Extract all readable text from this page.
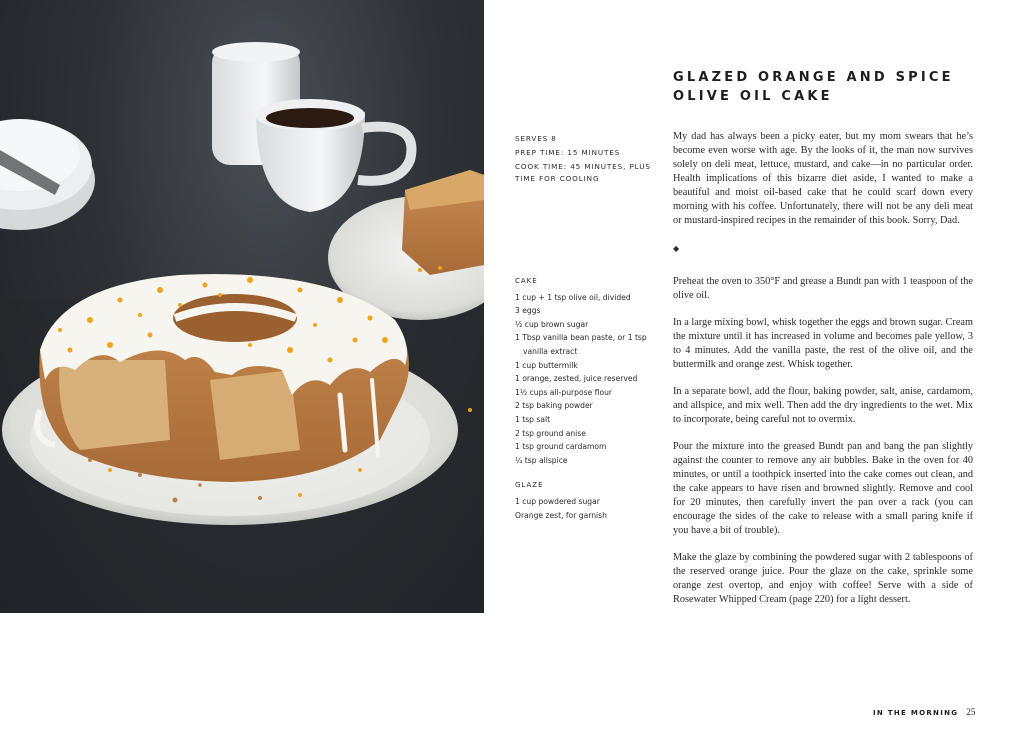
GLAZED ORANGE AND SPICE
OLIVE OIL CAKE
SERVES 8
PREP TIME: 15 MINUTES
COOK TIME: 45 MINUTES, PLUS TIME FOR COOLING
CAKE
1 cup + 1 tsp olive oil, divided
3 eggs
½ cup brown sugar
1 Tbsp vanilla bean paste, or 1 tsp vanilla extract
1 cup buttermilk
1 orange, zested, juice reserved
1½ cups all-purpose flour
2 tsp baking powder
1 tsp salt
2 tsp ground anise
1 tsp ground cardamom
¼ tsp allspice
GLAZE
1 cup powdered sugar
Orange zest, for garnish

My dad has always been a picky eater, but my mom swears that he’s become even worse with age. By the looks of it, the man now survives solely on deli meat, lettuce, mustard, and cake—in no particular order. Health implications of this bizarre diet aside, I wanted to make a beautiful and moist oil-based cake that he could scarf down every morning with his coffee. Unfortunately, there will not be any deli meat or mustard-inspired recipes in the remainder of this book. Sorry, Dad.

◆

Preheat the oven to 350°F and grease a Bundt pan with 1 teaspoon of the olive oil.

In a large mixing bowl, whisk together the eggs and brown sugar. Cream the mixture until it has increased in volume and becomes pale yellow, 3 to 4 minutes. Add the vanilla paste, the rest of the olive oil, and the buttermilk and orange zest. Whisk together.

In a separate bowl, add the flour, baking powder, salt, anise, cardamom, and allspice, and mix well. Then add the dry ingredients to the wet. Mix to incorporate, being careful not to overmix.

Pour the mixture into the greased Bundt pan and bang the pan slightly against the counter to remove any air bubbles. Bake in the oven for 40 minutes, or until a toothpick inserted into the cake comes out clean, and the cake appears to have risen and browned slightly. Remove and cool for 20 minutes, then carefully invert the pan over a rack (you can encourage the sides of the cake to release with a small paring knife if you have a bit of trouble).

Make the glaze by combining the powdered sugar with 2 tablespoons of the reserved orange juice. Pour the glaze on the cake, sprinkle some orange zest overtop, and enjoy with coffee! Serve with a side of Rosewater Whipped Cream (page 220) for a light dessert.

IN THE MORNING 25
